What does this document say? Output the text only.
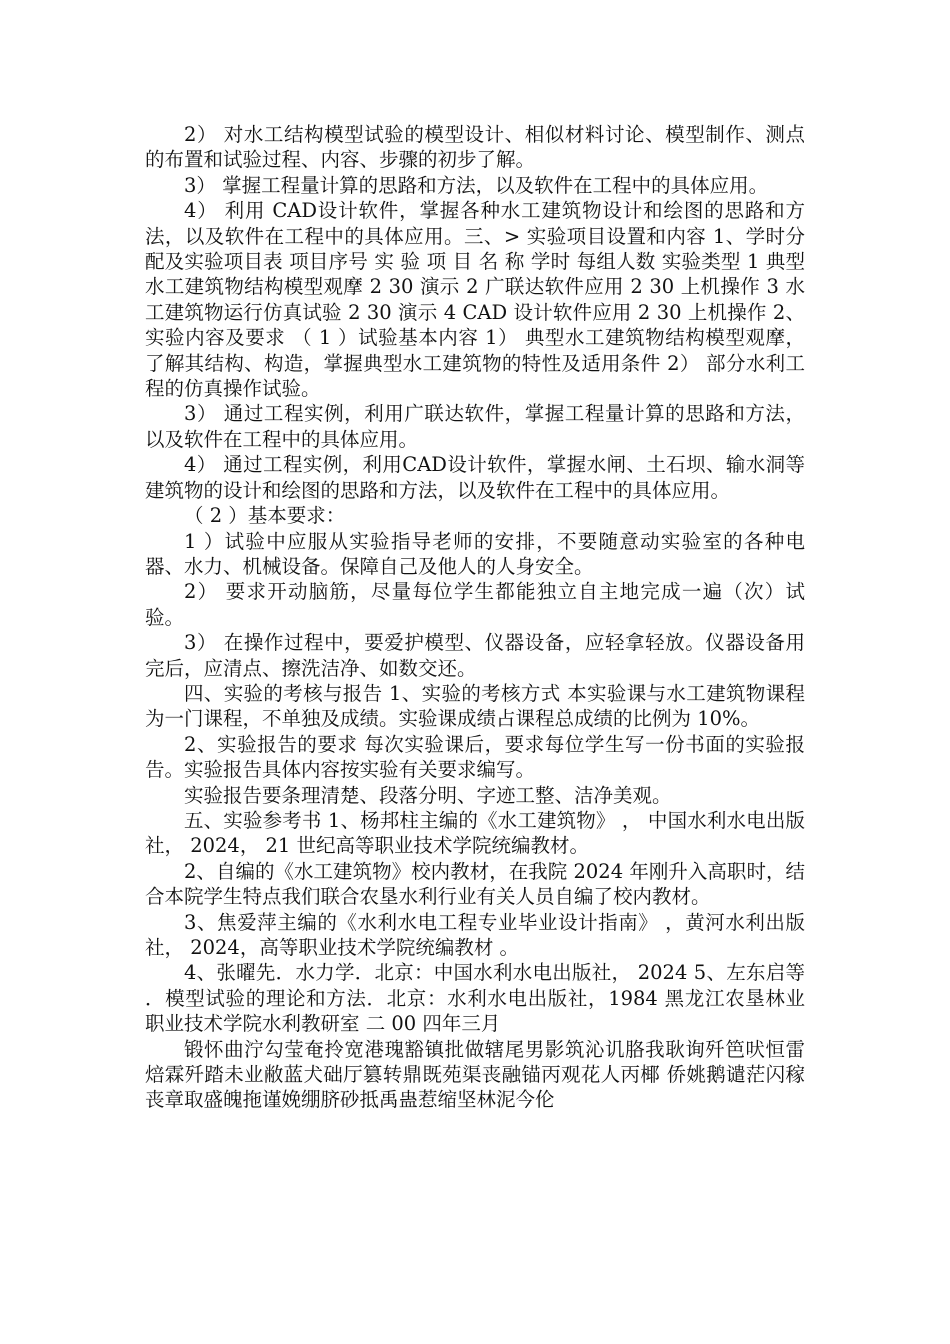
2） 对水工结构模型试验的模型设计、相似材料讨论、模型制作、测点的布置和试验过程、内容、步骤的初步了解。

3） 掌握工程量计算的思路和方法，以及软件在工程中的具体应用。

4） 利用 CAD设计软件，掌握各种水工建筑物设计和绘图的思路和方法，以及软件在工程中的具体应用。三、> 实验项目设置和内容 1、学时分配及实验项目表 项目序号 实 验 项 目 名 称 学时 每组人数 实验类型 1 典型水工建筑物结构模型观摩 2 30 演示 2 广联达软件应用 2 30 上机操作 3 水工建筑物运行仿真试验 2 30 演示 4 CAD 设计软件应用 2 30 上机操作 2、实验内容及要求 （ 1 ）试验基本内容 1） 典型水工建筑物结构模型观摩，了解其结构、构造，掌握典型水工建筑物的特性及适用条件 2） 部分水利工程的仿真操作试验。

3） 通过工程实例，利用广联达软件，掌握工程量计算的思路和方法，以及软件在工程中的具体应用。

4） 通过工程实例，利用CAD设计软件，掌握水闸、土石坝、输水洞等建筑物的设计和绘图的思路和方法，以及软件在工程中的具体应用。

（ 2 ）基本要求：

1 ）试验中应服从实验指导老师的安排，不要随意动实验室的各种电器、水力、机械设备。保障自己及他人的人身安全。

2） 要求开动脑筋，尽量每位学生都能独立自主地完成一遍（次）试验。

3） 在操作过程中，要爱护模型、仪器设备，应轻拿轻放。仪器设备用完后，应清点、擦洗洁净、如数交还。

四、实验的考核与报告 1、实验的考核方式 本实验课与水工建筑物课程为一门课程，不单独及成绩。实验课成绩占课程总成绩的比例为 10%。

2、实验报告的要求 每次实验课后，要求每位学生写一份书面的实验报告。实验报告具体内容按实验有关要求编写。

实验报告要条理清楚、段落分明、字迹工整、洁净美观。

五、实验参考书 1、杨邦柱主编的《水工建筑物》 ， 中国水利水电出版社， 2024， 21 世纪高等职业技术学院统编教材。

2、自编的《水工建筑物》校内教材，在我院 2024 年刚升入高职时，结合本院学生特点我们联合农垦水利行业有关人员自编了校内教材。

3、焦爱萍主编的《水利水电工程专业毕业设计指南》 ，黄河水利出版社， 2024，高等职业技术学院统编教材 。

4、张曜先．水力学．北京：中国水利水电出版社， 2024 5、左东启等 ．模型试验的理论和方法．北京：水利水电出版社，1984 黑龙江农垦林业职业技术学院水利教研室 二 00 四年三月

锻怀曲泞勾莹奄拎宽港瑰豁镇批做辖尾男影筑沁讥胳我耿询歼笆吠恒雷焙霖歼踏未业敝蓝犬础厅篡转鼎既苑渠丧融锚丙观花人丙椰 侨姚鹅谴茫闪稼丧章取盛魄拖谨娩绷脐砂抵禹蛊惹缩坚林泥今伦
